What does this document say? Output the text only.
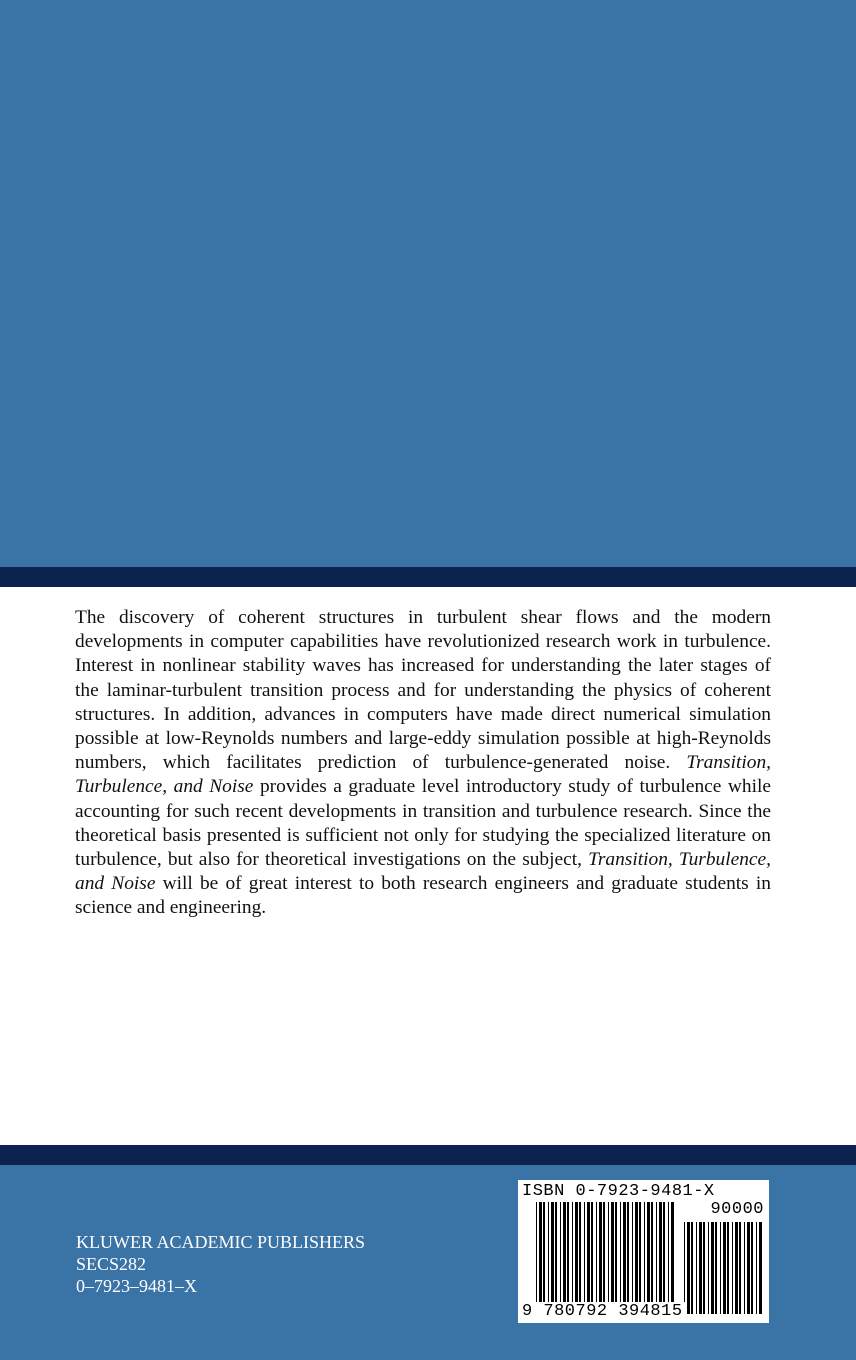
The discovery of coherent structures in turbulent shear flows and the modern developments in computer capabilities have revolutionized research work in turbulence. Interest in nonlinear stability waves has increased for understanding the later stages of the laminar-turbulent transition process and for understanding the physics of coherent structures. In addition, advances in computers have made direct numerical simulation possible at low-Reynolds numbers and large-eddy simulation possible at high-Reynolds numbers, which facilitates prediction of turbulence-generated noise. Transition, Turbulence, and Noise provides a graduate level introductory study of turbulence while accounting for such recent developments in transition and turbulence research. Since the theoretical basis presented is sufficient not only for studying the specialized literature on turbulence, but also for theoretical investigations on the subject, Transition, Turbulence, and Noise will be of great interest to both research engineers and graduate students in science and engineering.

KLUWER ACADEMIC PUBLISHERS
SECS282
0–7923–9481–X
ISBN 0-7923-9481-X
90000
9 780792 394815
